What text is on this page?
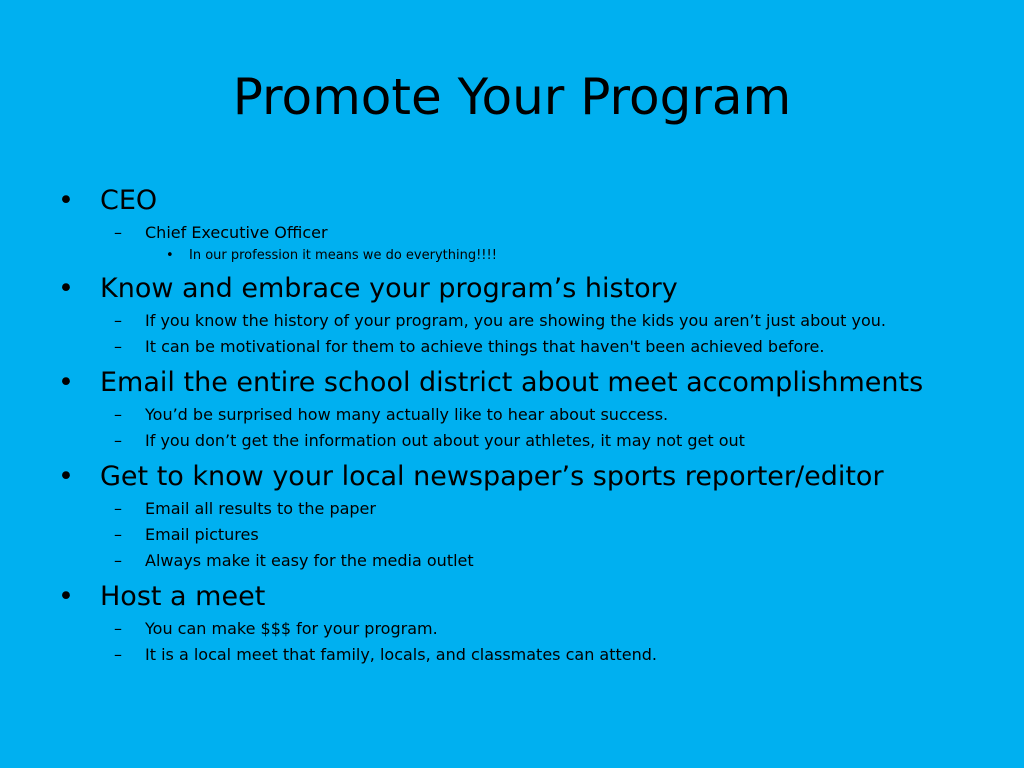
Promote Your Program
• CEO
– Chief Executive Officer
• In our profession it means we do everything!!!!
• Know and embrace your program’s history
– If you know the history of your program, you are showing the kids you aren’t just about you.
– It can be motivational for them to achieve things that haven't been achieved before.
• Email the entire school district about meet accomplishments
– You’d be surprised how many actually like to hear about success.
– If you don’t get the information out about your athletes, it may not get out
• Get to know your local newspaper’s sports reporter/editor
– Email all results to the paper
– Email pictures
– Always make it easy for the media outlet
• Host a meet
– You can make $$$ for your program.
– It is a local meet that family, locals, and classmates can attend.
